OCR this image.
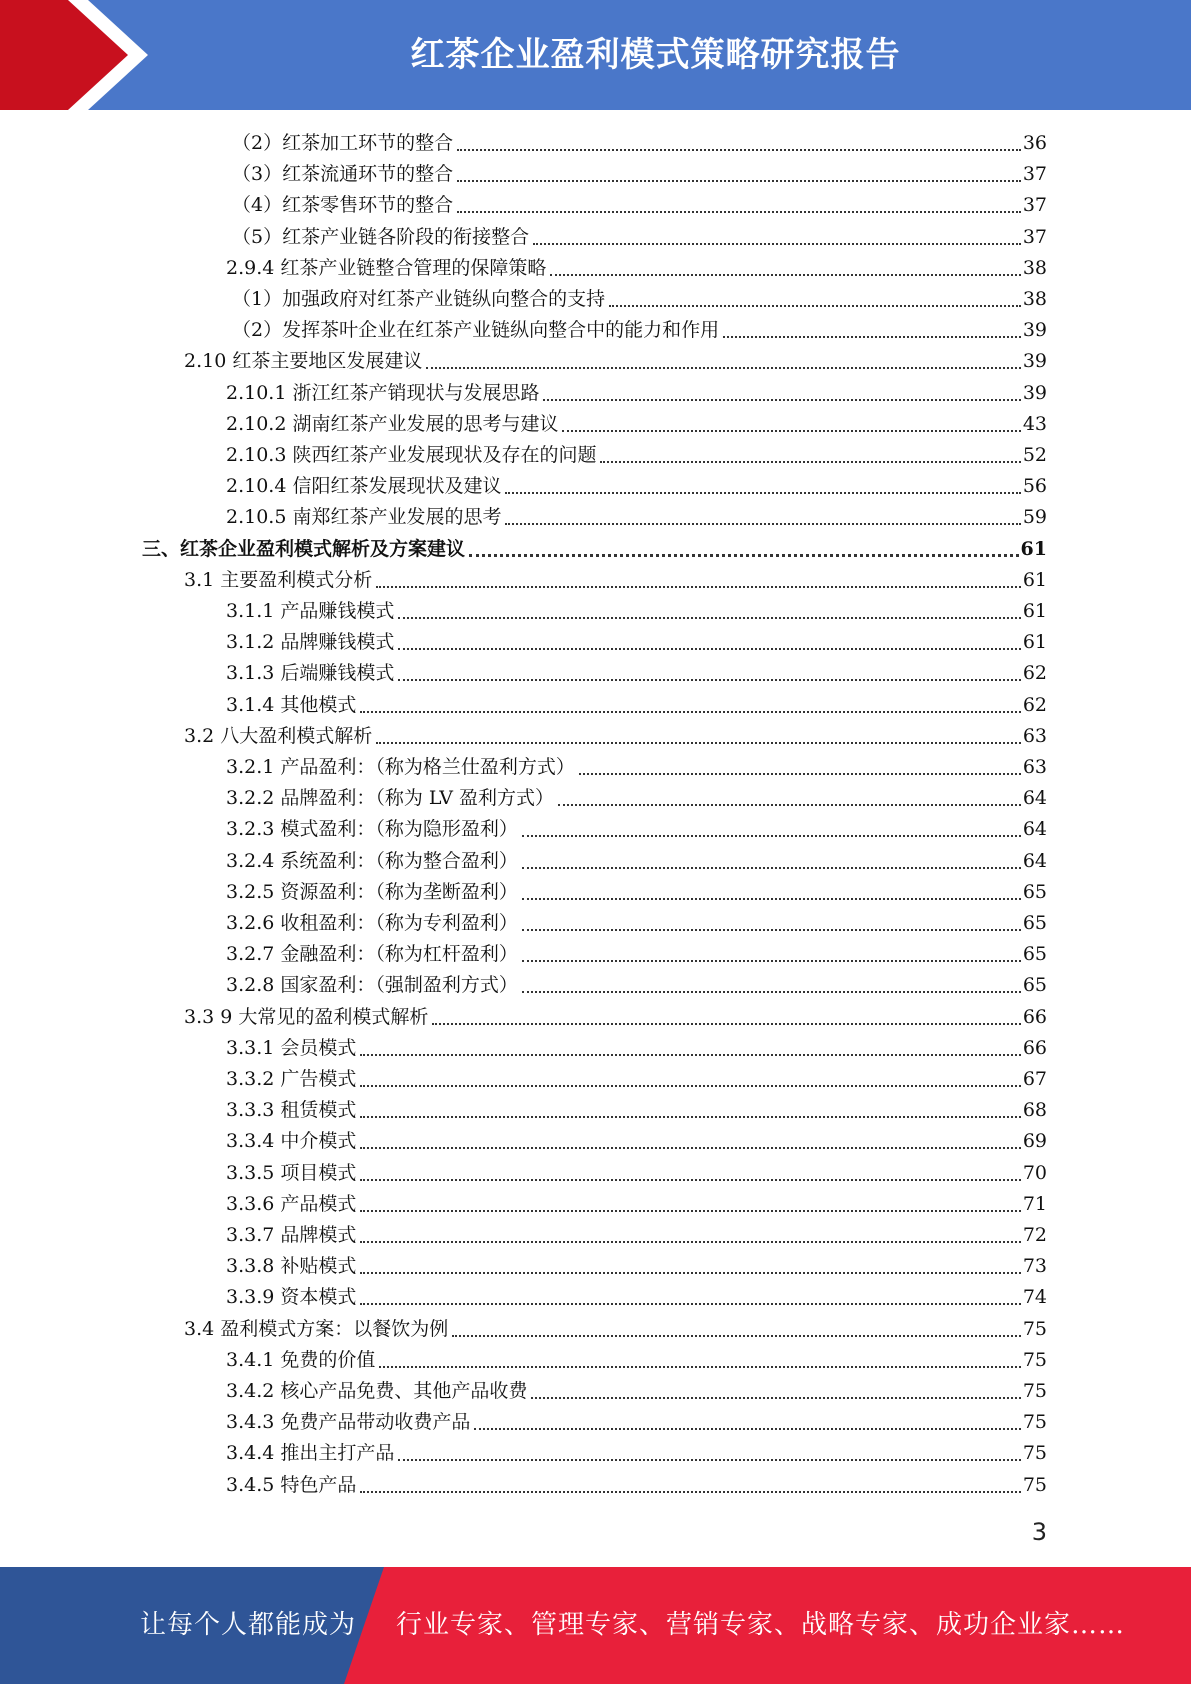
红茶企业盈利模式策略研究报告
（2）红茶加工环节的整合	36
（3）红茶流通环节的整合	37
（4）红茶零售环节的整合	37
（5）红茶产业链各阶段的衔接整合	37
2.9.4 红茶产业链整合管理的保障策略	38
（1）加强政府对红茶产业链纵向整合的支持	38
（2）发挥茶叶企业在红茶产业链纵向整合中的能力和作用	39
2.10 红茶主要地区发展建议	39
2.10.1 浙江红茶产销现状与发展思路	39
2.10.2 湖南红茶产业发展的思考与建议	43
2.10.3 陕西红茶产业发展现状及存在的问题	52
2.10.4 信阳红茶发展现状及建议	56
2.10.5 南郑红茶产业发展的思考	59
三、红茶企业盈利模式解析及方案建议	61
3.1 主要盈利模式分析	61
3.1.1 产品赚钱模式	61
3.1.2 品牌赚钱模式	61
3.1.3 后端赚钱模式	62
3.1.4 其他模式	62
3.2 八大盈利模式解析	63
3.2.1 产品盈利：（称为格兰仕盈利方式）	63
3.2.2 品牌盈利：（称为 LV 盈利方式）	64
3.2.3 模式盈利：（称为隐形盈利）	64
3.2.4 系统盈利：（称为整合盈利）	64
3.2.5 资源盈利：（称为垄断盈利）	65
3.2.6 收租盈利：（称为专利盈利）	65
3.2.7 金融盈利：（称为杠杆盈利）	65
3.2.8 国家盈利：（强制盈利方式）	65
3.3 9 大常见的盈利模式解析	66
3.3.1 会员模式	66
3.3.2 广告模式	67
3.3.3 租赁模式	68
3.3.4 中介模式	69
3.3.5 项目模式	70
3.3.6 产品模式	71
3.3.7 品牌模式	72
3.3.8 补贴模式	73
3.3.9 资本模式	74
3.4 盈利模式方案：以餐饮为例	75
3.4.1 免费的价值	75
3.4.2 核心产品免费、其他产品收费	75
3.4.3 免费产品带动收费产品	75
3.4.4 推出主打产品	75
3.4.5 特色产品	75
3
让每个人都能成为 行业专家、管理专家、营销专家、战略专家、成功企业家……
